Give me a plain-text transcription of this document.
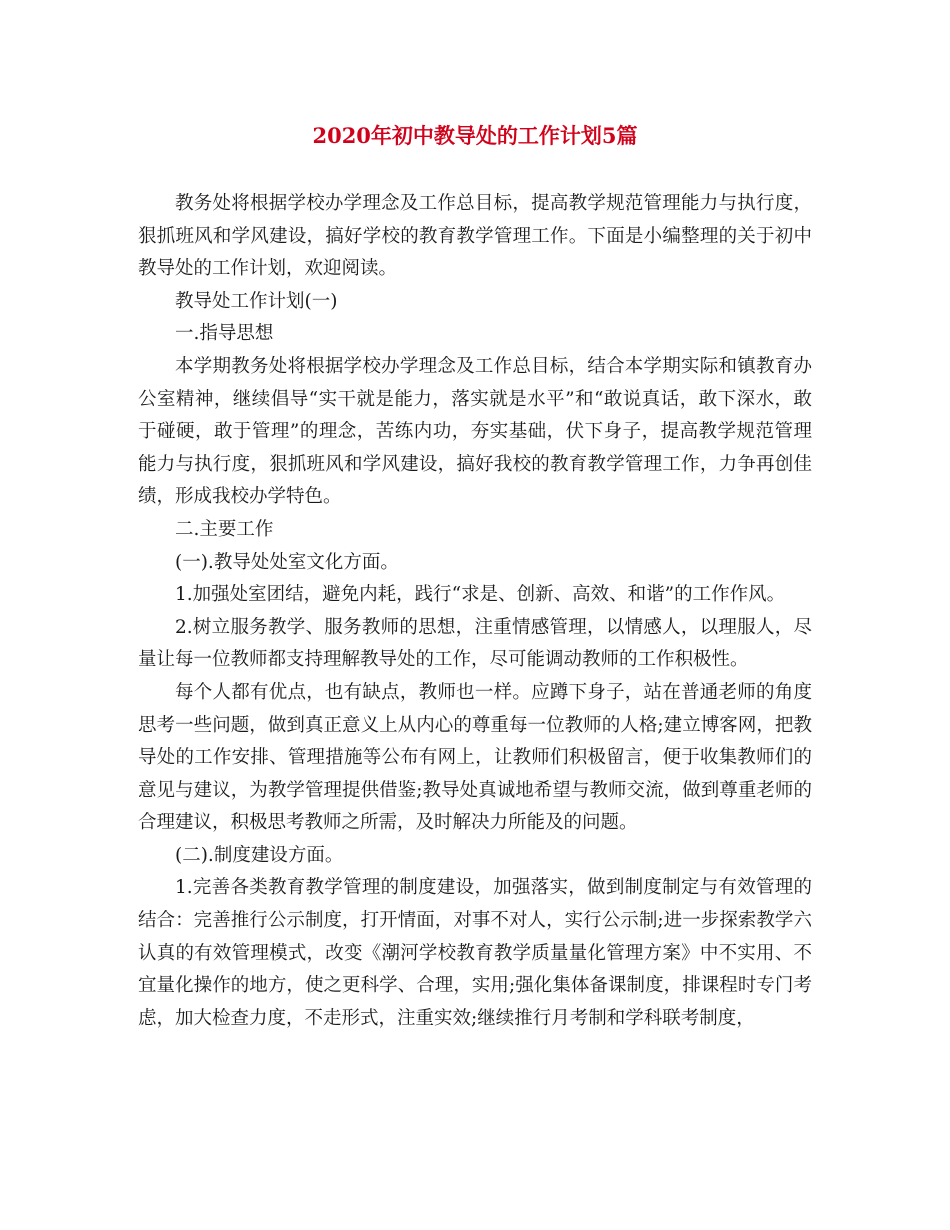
2020年初中教导处的工作计划5篇

教务处将根据学校办学理念及工作总目标，提高教学规范管理能力与执行度，狠抓班风和学风建设，搞好学校的教育教学管理工作。下面是小编整理的关于初中教导处的工作计划，欢迎阅读。

教导处工作计划(一)

一.指导思想

本学期教务处将根据学校办学理念及工作总目标，结合本学期实际和镇教育办公室精神，继续倡导“实干就是能力，落实就是水平”和“敢说真话，敢下深水，敢于碰硬，敢于管理”的理念，苦练内功，夯实基础，伏下身子，提高教学规范管理能力与执行度，狠抓班风和学风建设，搞好我校的教育教学管理工作，力争再创佳绩，形成我校办学特色。

二.主要工作

(一).教导处处室文化方面。

1.加强处室团结，避免内耗，践行“求是、创新、高效、和谐”的工作作风。

2.树立服务教学、服务教师的思想，注重情感管理，以情感人，以理服人，尽量让每一位教师都支持理解教导处的工作，尽可能调动教师的工作积极性。

每个人都有优点，也有缺点，教师也一样。应蹲下身子，站在普通老师的角度思考一些问题，做到真正意义上从内心的尊重每一位教师的人格;建立博客网，把教导处的工作安排、管理措施等公布有网上，让教师们积极留言，便于收集教师们的意见与建议，为教学管理提供借鉴;教导处真诚地希望与教师交流，做到尊重老师的合理建议，积极思考教师之所需，及时解决力所能及的问题。

(二).制度建设方面。

1.完善各类教育教学管理的制度建设，加强落实，做到制度制定与有效管理的结合：完善推行公示制度，打开情面，对事不对人，实行公示制;进一步探索教学六认真的有效管理模式，改变《潮河学校教育教学质量量化管理方案》中不实用、不宜量化操作的地方，使之更科学、合理，实用;强化集体备课制度，排课程时专门考虑，加大检查力度，不走形式，注重实效;继续推行月考制和学科联考制度，
